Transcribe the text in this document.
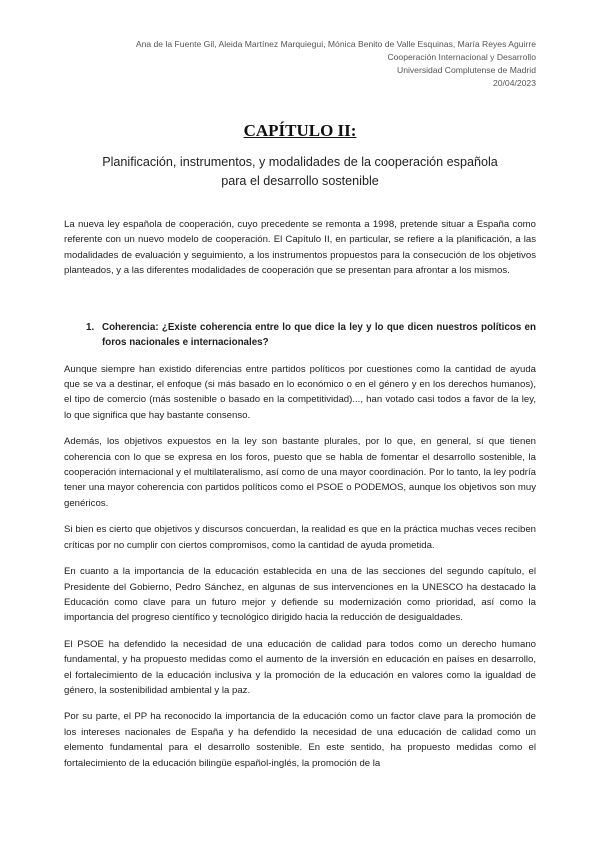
Ana de la Fuente Gil, Aleida Martínez Marquiegui, Mónica Benito de Valle Esquinas, María Reyes Aguirre
Cooperación Internacional y Desarrollo
Universidad Complutense de Madrid
20/04/2023
CAPÍTULO II:
Planificación, instrumentos, y modalidades de la cooperación española para el desarrollo sostenible

La nueva ley española de cooperación, cuyo precedente se remonta a 1998, pretende situar a España como referente con un nuevo modelo de cooperación. El Capítulo II, en particular, se refiere a la planificación, a las modalidades de evaluación y seguimiento, a los instrumentos propuestos para la consecución de los objetivos planteados, y a las diferentes modalidades de cooperación que se presentan para afrontar a los mismos.

1. Coherencia: ¿Existe coherencia entre lo que dice la ley y lo que dicen nuestros políticos en foros nacionales e internacionales?

Aunque siempre han existido diferencias entre partidos políticos por cuestiones como la cantidad de ayuda que se va a destinar, el enfoque (si más basado en lo económico o en el género y en los derechos humanos), el tipo de comercio (más sostenible o basado en la competitividad)..., han votado casi todos a favor de la ley, lo que significa que hay bastante consenso.

Además, los objetivos expuestos en la ley son bastante plurales, por lo que, en general, sí que tienen coherencia con lo que se expresa en los foros, puesto que se habla de fomentar el desarrollo sostenible, la cooperación internacional y el multilateralismo, así como de una mayor coordinación. Por lo tanto, la ley podría tener una mayor coherencia con partidos políticos como el PSOE o PODEMOS, aunque los objetivos son muy genéricos.

Si bien es cierto que objetivos y discursos concuerdan, la realidad es que en la práctica muchas veces reciben críticas por no cumplir con ciertos compromisos, como la cantidad de ayuda prometida.

En cuanto a la importancia de la educación establecida en una de las secciones del segundo capítulo, el Presidente del Gobierno, Pedro Sánchez, en algunas de sus intervenciones en la UNESCO ha destacado la Educación como clave para un futuro mejor y defiende su modernización como prioridad, así como la importancia del progreso científico y tecnológico dirigido hacia la reducción de desigualdades.

El PSOE ha defendido la necesidad de una educación de calidad para todos como un derecho humano fundamental, y ha propuesto medidas como el aumento de la inversión en educación en países en desarrollo, el fortalecimiento de la educación inclusiva y la promoción de la educación en valores como la igualdad de género, la sostenibilidad ambiental y la paz.

Por su parte, el PP ha reconocido la importancia de la educación como un factor clave para la promoción de los intereses nacionales de España y ha defendido la necesidad de una educación de calidad como un elemento fundamental para el desarrollo sostenible. En este sentido, ha propuesto medidas como el fortalecimiento de la educación bilingüe español-inglés, la promoción de la
